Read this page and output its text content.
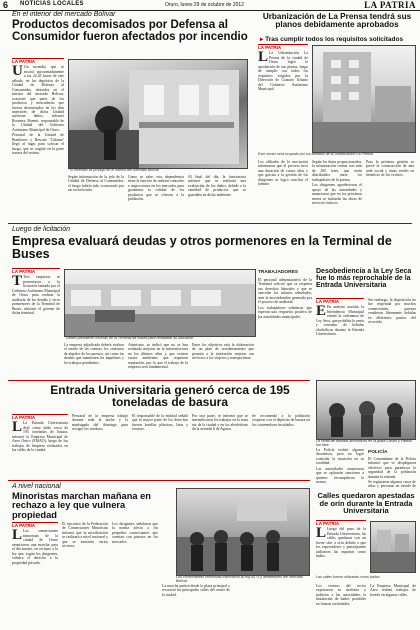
6 NOTICIAS LOCALES	Oruro, lunes 29 de octubre de 2012	LA PATRIA
En el interior del mercado Bolívar
Productos decomisados por Defensa al Consumidor fueron afectados por incendio
LA PATRIA
U Un incendio que se suscitó aproximadamente a las 22:45 horas de este sábado, en los depósitos de la Unidad de Defensa al Consumidor, ubicados en el interior del mercado Bolívar, ocasionó que parte de los productos y mercaderías que fueron decomisados en los días anteriores de dicha Unidad sufrieran daños, informó Rosmery Buenet, responsable de la Unidad del Gobierno Autónomo Municipal de Oruro.

Personal de la Unidad de Bomberos y Rescate "Calama" llegó al lugar para sofocar el fuego, que se originó en la parte trasera del recinto.

El incendio se produjo en el interior del mercado Bolívar

Según información de la jefa de la Unidad de Defensa al Consumidor, el fuego habría sido ocasionado por un cortocircuito.

Como se sabe, esta dependencia tiene la función de realizar controles e inspecciones en los mercados para garantizar la calidad de los productos que se ofrecen a la población.

Al final del día, la funcionaria informó que se realizará una evaluación de los daños, debido a la cantidad de productos que se guardaba en dicho ambiente.

Urbanización de La Prensa tendrá sus planos debidamente aprobados
▸ Tras cumplir todos los requisitos solicitados
LA PATRIA
L La Urbanización La Prensa de la ciudad de Oruro logró la aprobación de sus planos, luego de cumplir con todos los requisitos exigidos por la Dirección de Catastro Urbano del Gobierno Autónomo Municipal.

Este sector será ocupado por los afiliados de la Urbanización La Prensa

Los afiliados de la asociación informaron que el proceso tuvo una duración de varios años y que gracias a la gestión de los dirigentes se logró concluir el trámite.

Según los datos proporcionados, la urbanización cuenta con más de 200 lotes, que serán distribuidos entre los trabajadores de la prensa.

Los dirigentes agradecieron el apoyo de las autoridades y anunciaron que en los próximos meses se iniciarán las obras de servicios básicos.

Para la próxima gestión se prevé la construcción de una sede social y áreas verdes en beneficio de los vecinos.

Luego de licitación
Empresa evaluará deudas y otros pormenores en la Terminal de Buses
LA PATRIA
T Tres empresas se presentaron a la licitación lanzada por el Gobierno Autónomo Municipal de Oruro para realizar la auditoría de las deudas y otros pormenores de la Terminal de Buses, informó el gerente de dicha terminal.

Deben prevalecer muchas de la Terminal de Buses para rehabilitar su ubicación

La empresa adjudicada deberá evaluar el estado de las cuentas, los contratos de alquiler de los puestos, así como las deudas que mantienen los inquilinos y los trabajos pendientes.

Asimismo, se indicó que no se han realizado mejoras en la infraestructura en los últimos años y que existen varios ambientes que requieren reparación, por lo que el trabajo de la empresa será fundamental.

Entre los objetivos está la elaboración de un plan de reordenamiento que permita a la institución mejorar sus servicios a los viajeros y transportistas.

TRABAJADORES

El personal administrativo de la Terminal solicitó que se respeten sus derechos laborales y que se cancelen los salarios adeudados, ante la incertidumbre generada por el proceso de auditoría.

Los trabajadores señalaron que esperan una respuesta positiva de las autoridades municipales.

Desobediencia a la Ley Seca fue lo más reprochable de la Entrada Universitaria
LA PATRIA
E En anterior ocasión, la Intendencia Municipal emitió la ordenanza de Ley Seca, que prohibía la venta y consumo de bebidas alcohólicas durante la Entrada Universitaria.

Sin embargo, la disposición no fue respetada por muchos comerciantes, quienes vendieron libremente bebidas en diferentes puntos del recorrido.

Entrada Universitaria generó cerca de 195 toneladas de basura
LA PATRIA
L La Entrada Universitaria dejó como saldo cerca de 195 toneladas de basura, informó la Empresa Municipal de Aseo Oruro (EMAO), luego de los trabajos de limpieza realizados en las calles de la ciudad.

Personal de la empresa trabajó durante toda la noche y la madrugada del domingo para recoger los residuos.

El responsable de la entidad señaló que la mayor parte de los desechos fueron botellas plásticas, latas y envases.

Por otra parte, se informó que se intensificaron los trabajos en la zona sur de la ciudad y en los alrededores de la avenida 6 de Agosto.

Se recomendó a la población cooperar con el depósito de basura en los contenedores instalados.

La venta de bebidas alcohólicas en la plaza Castro y Padilla fue libre

La Policía realizó algunos decomisos, pero no logró controlar la situación en su totalidad.

Las autoridades anunciaron que se aplicarán sanciones a quienes incumplieron la norma.

POLICÍA

El Comandante de la Policía informó que se desplegaron efectivos para garantizar la seguridad de la población durante la entrada.

Se registraron algunos casos de riñas y personas en estado de

A nivel nacional
Minoristas marchan mañana en rechazo a ley que vulnera propiedad
LA PATRIA
L Los comerciantes minoristas de la ciudad de Oruro anunciaron una marcha para el día martes, en rechazo a la ley que, según los dirigentes, vulnera el derecho a la propiedad privada.

El ejecutivo de la Federación de Comerciantes Minoristas informó que la movilización se realizará a nivel nacional y que se sumarán varios sectores.

Los dirigentes señalaron que la norma afecta a los pequeños comerciantes que cuentan con puestos en los mercados.

Los comerciantes minoristas marcharon la hoy 4273 y alrededores del mercado Bolívar

La marcha partirá desde la plaza principal y recorrerá las principales calles del centro de la ciudad.

Calles quedaron apestadas de orín durante la Entrada Universitaria
LA PATRIA
L Luego del paso de la Entrada Universitaria, las calles quedaron con un fuerte olor a orín debido a que los espectadores y participantes utilizaron las esquinas como baños.

Las calles fueron utilizadas como baños

Los vecinos del sector expresaron su molestia y pidieron a las autoridades la instalación de baños portátiles en futuras actividades.

La Empresa Municipal de Aseo realizó trabajos de lavado en algunas calles.
